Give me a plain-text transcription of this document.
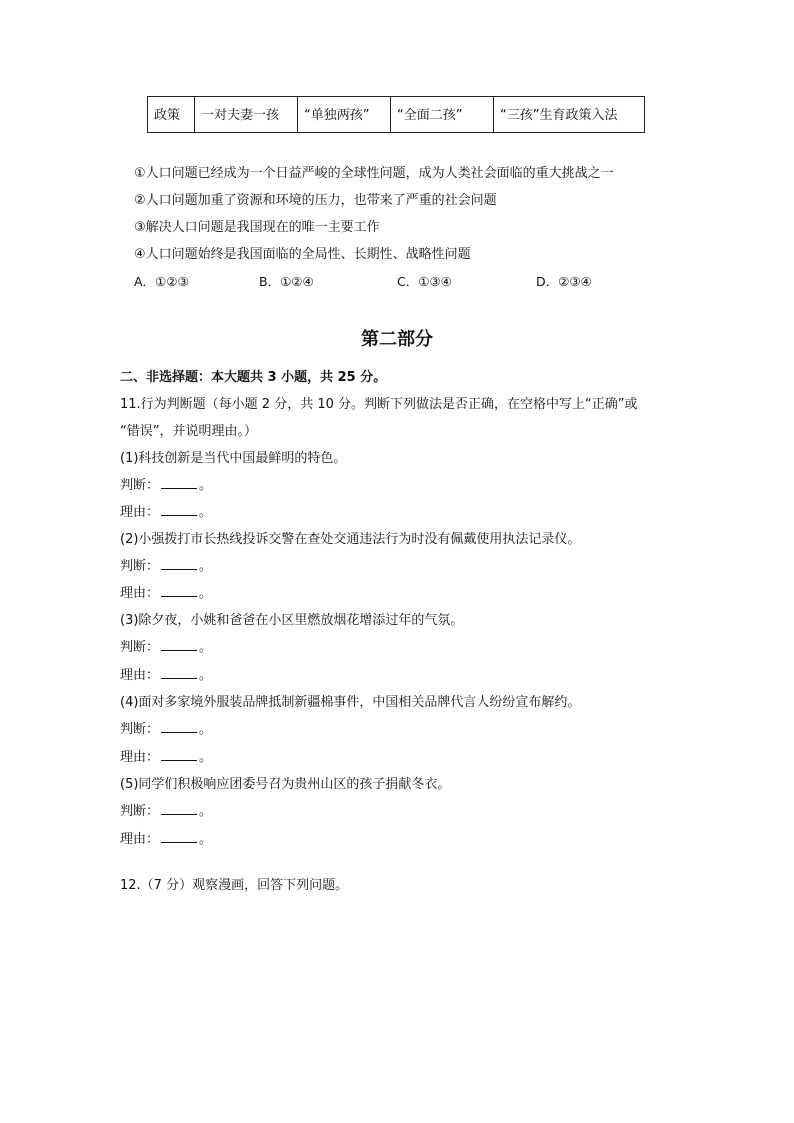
政策	一对夫妻一孩	“单独两孩”	“全面二孩”	“三孩”生育政策入法
①人口问题已经成为一个日益严峻的全球性问题，成为人类社会面临的重大挑战之一
②人口问题加重了资源和环境的压力，也带来了严重的社会问题
③解决人口问题是我国现在的唯一主要工作
④人口问题始终是我国面临的全局性、长期性、战略性问题
A．①②③	B．①②④	C．①③④	D．②③④
第二部分
二、非选择题：本大题共 3 小题，共 25 分。
11.行为判断题（每小题 2 分，共 10 分。判断下列做法是否正确，在空格中写上“正确”或
“错误”，并说明理由。）
(1)科技创新是当代中国最鲜明的特色。
判断：	。
理由：	。
(2)小强拨打市长热线投诉交警在查处交通违法行为时没有佩戴使用执法记录仪。
判断：	。
理由：	。
(3)除夕夜，小姚和爸爸在小区里燃放烟花增添过年的气氛。
判断：	。
理由：	。
(4)面对多家境外服装品牌抵制新疆棉事件，中国相关品牌代言人纷纷宣布解约。
判断：	。
理由：	。
(5)同学们积极响应团委号召为贵州山区的孩子捐献冬衣。
判断：	。
理由：	。
12.（7 分）观察漫画，回答下列问题。
